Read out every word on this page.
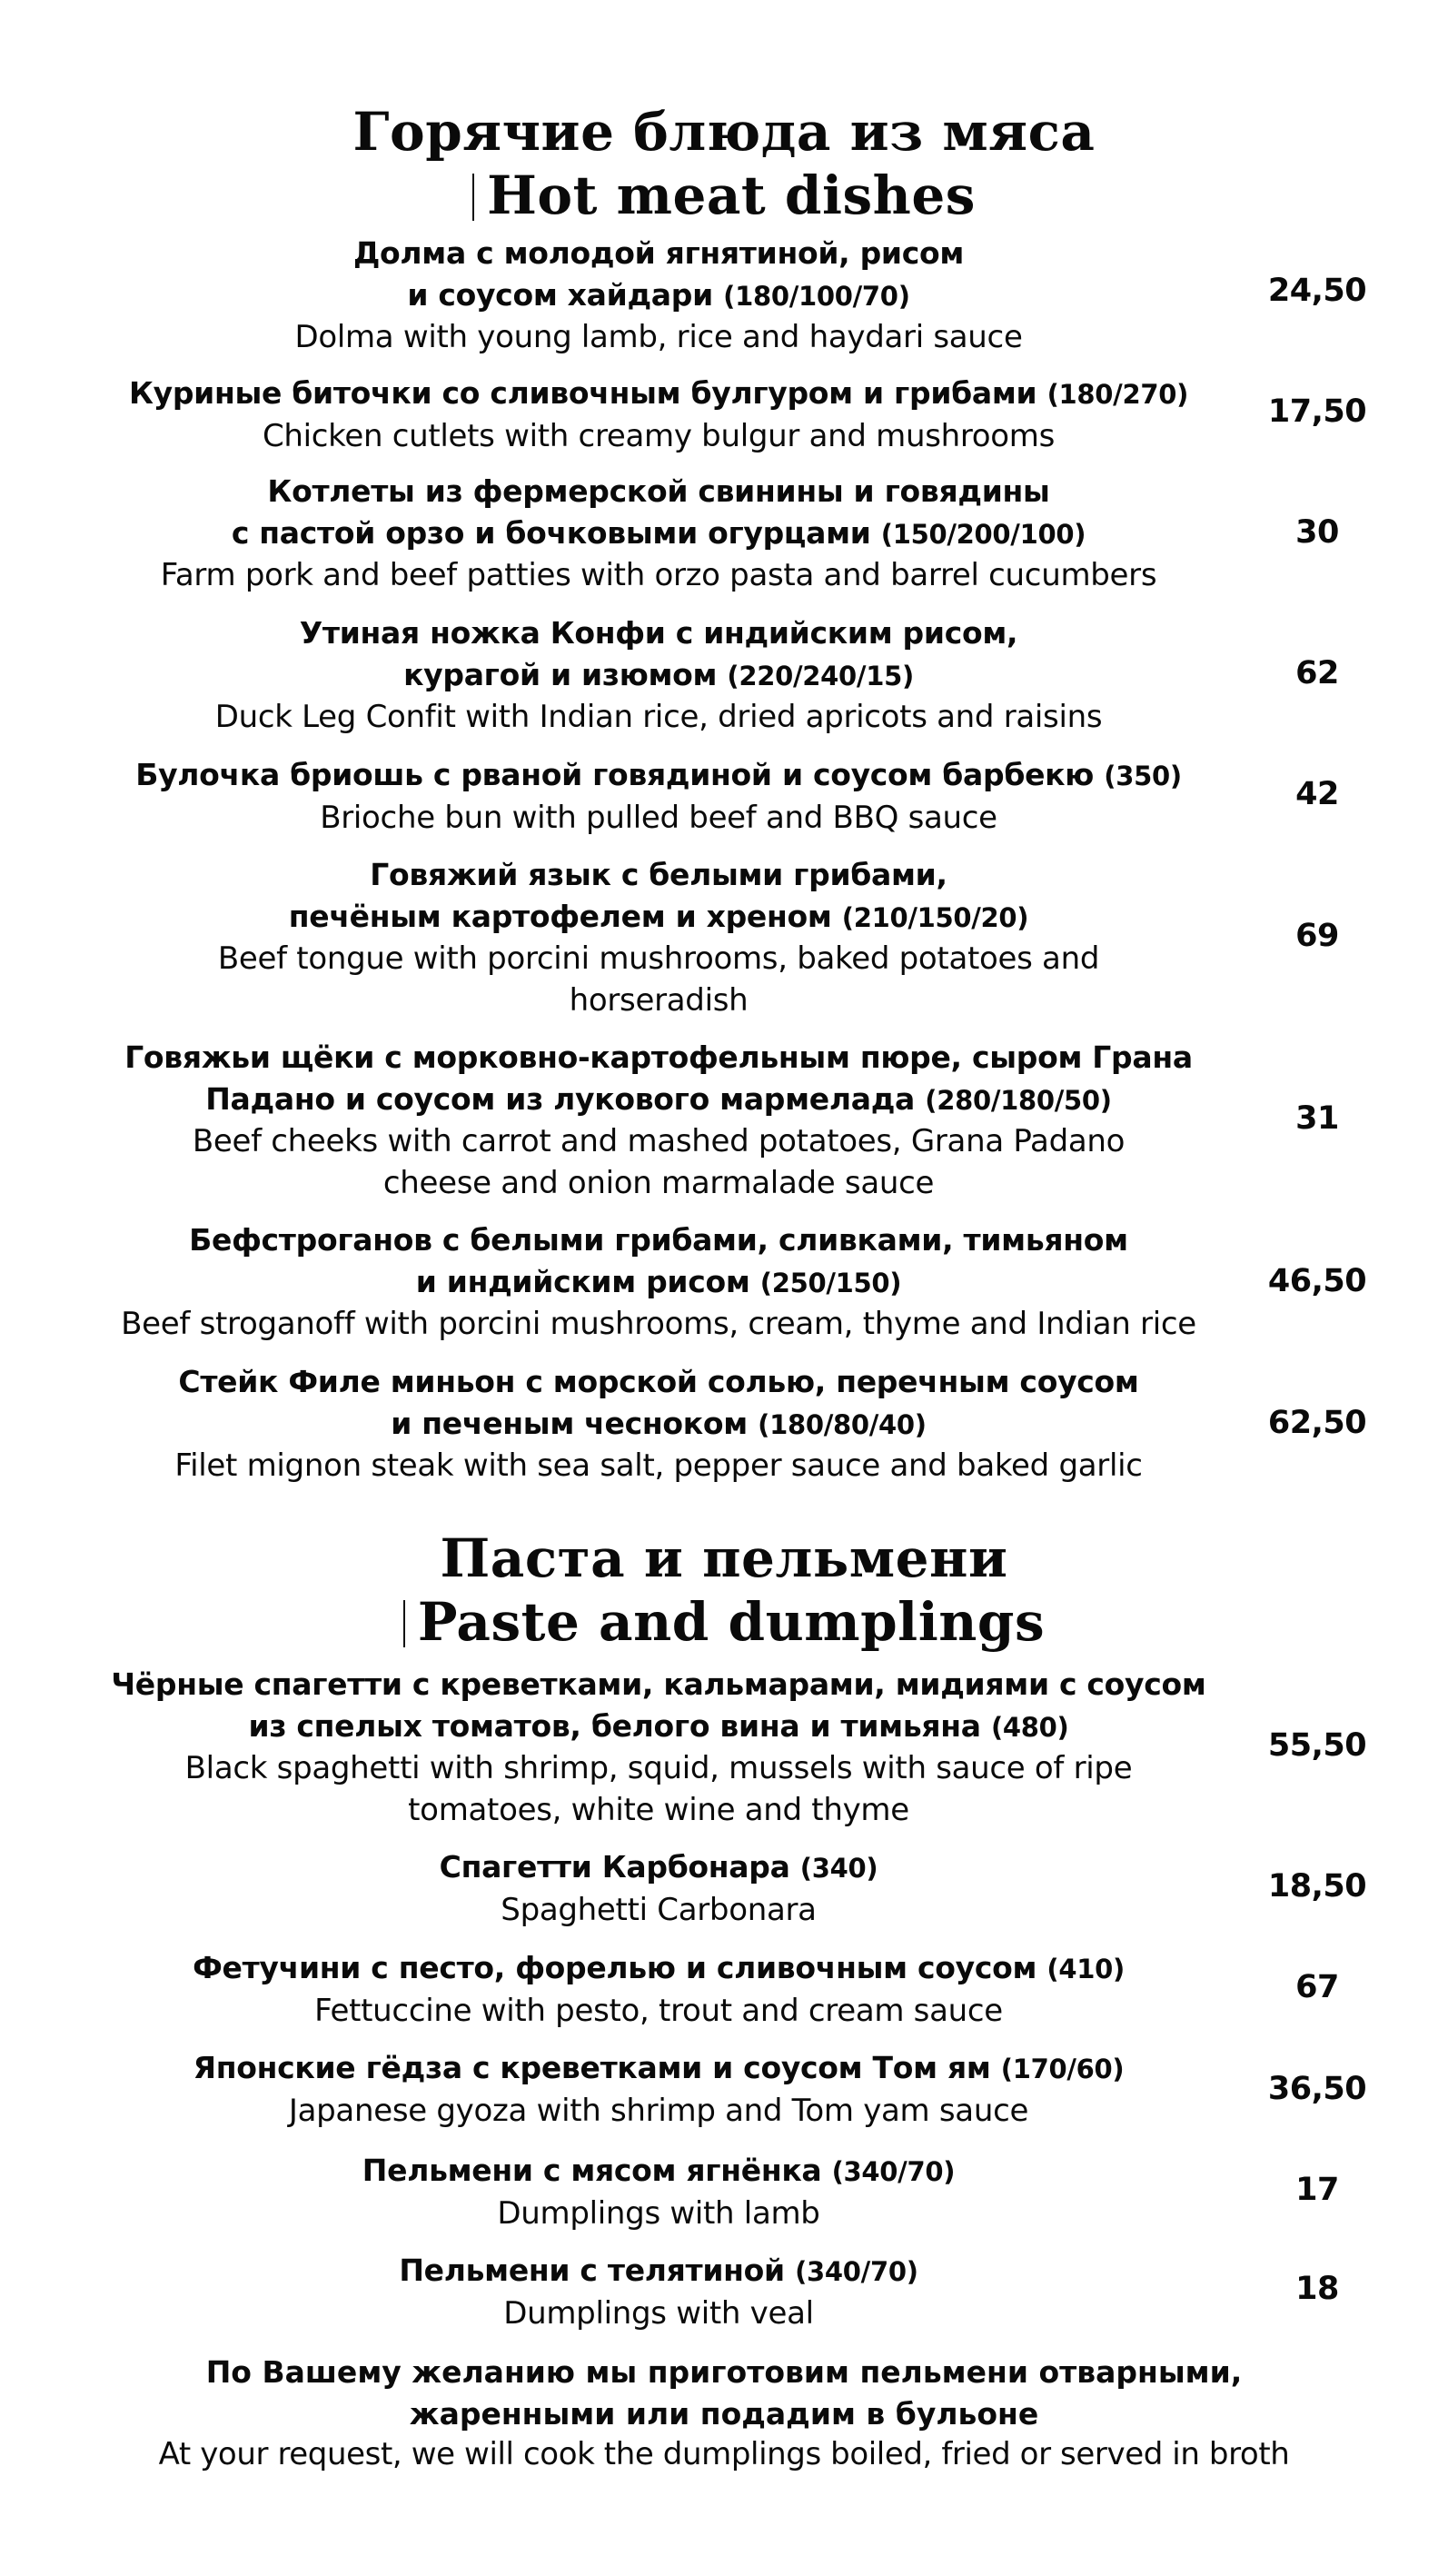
Горячие блюда из мяса
Hot meat dishes
Долма с молодой ягнятиной, рисом
и соусом хайдари (180/100/70)
Dolma with young lamb, rice and haydari sauce
24,50
Куриные биточки со сливочным булгуром и грибами (180/270)
Chicken cutlets with creamy bulgur and mushrooms
17,50
Котлеты из фермерской свинины и говядины
с пастой орзо и бочковыми огурцами (150/200/100)
Farm pork and beef patties with orzo pasta and barrel cucumbers
30
Утиная ножка Конфи с индийским рисом,
курагой и изюмом (220/240/15)
Duck Leg Confit with Indian rice, dried apricots and raisins
62
Булочка бриошь с рваной говядиной и соусом барбекю (350)
Brioche bun with pulled beef and BBQ sauce
42
Говяжий язык с белыми грибами,
печёным картофелем и хреном (210/150/20)
Beef tongue with porcini mushrooms, baked potatoes and
horseradish
69
Говяжьи щёки с морковно-картофельным пюре, сыром Грана
Падано и соусом из лукового мармелада (280/180/50)
Beef cheeks with carrot and mashed potatoes, Grana Padano
cheese and onion marmalade sauce
31
Бефстроганов с белыми грибами, сливками, тимьяном
и индийским рисом (250/150)
Beef stroganoff with porcini mushrooms, cream, thyme and Indian rice
46,50
Стейк Филе миньон с морской солью, перечным соусом
и печеным чесноком (180/80/40)
Filet mignon steak with sea salt, pepper sauce and baked garlic
62,50
Паста и пельмени
Paste and dumplings
Чёрные спагетти с креветками, кальмарами, мидиями с соусом
из спелых томатов, белого вина и тимьяна (480)
Black spaghetti with shrimp, squid, mussels with sauce of ripe
tomatoes, white wine and thyme
55,50
Спагетти Карбонара (340)
Spaghetti Carbonara
18,50
Фетучини с песто, форелью и сливочным соусом (410)
Fettuccine with pesto, trout and cream sauce
67
Японские гёдза с креветками и соусом Том ям (170/60)
Japanese gyoza with shrimp and Tom yam sauce
36,50
Пельмени с мясом ягнёнка (340/70)
Dumplings with lamb
17
Пельмени с телятиной (340/70)
Dumplings with veal
18
По Вашему желанию мы приготовим пельмени отварными,
жаренными или подадим в бульоне
At your request, we will cook the dumplings boiled, fried or served in broth
